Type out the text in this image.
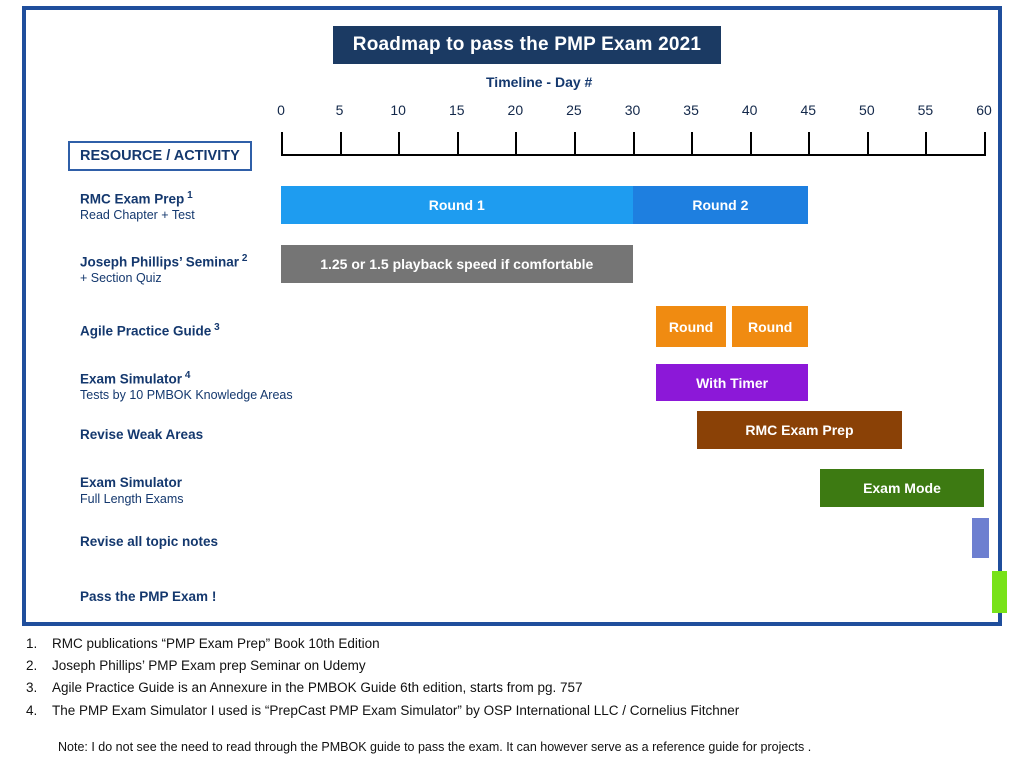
Roadmap to pass the PMP Exam 2021
Timeline - Day #
0	5	10	15	20	25	30	35	40	45	50	55	60
RESOURCE / ACTIVITY
RMC Exam Prep $^1$
Read Chapter + Test
Joseph Phillips’ Seminar $^2$
+ Section Quiz
Agile Practice Guide $^3$
Exam Simulator $^4$
Tests by 10 PMBOK Knowledge Areas
Revise Weak Areas
Exam Simulator
Full Length Exams
Revise all topic notes
Pass the PMP Exam !
Round 1	Round 2
1.25 or 1.5 playback speed if comfortable
Round	Round
With Timer
RMC Exam Prep
Exam Mode
1.	RMC publications “PMP Exam Prep” Book 10th Edition
2.	Joseph Phillips’ PMP Exam prep Seminar on Udemy
3.	Agile Practice Guide is an Annexure in the PMBOK Guide 6th edition, starts from pg. 757
4.	The PMP Exam Simulator I used is “PrepCast PMP Exam Simulator” by OSP International LLC / Cornelius Fitchner
Note: I do not see the need to read through the PMBOK guide to pass the exam. It can however serve as a reference guide for projects .
